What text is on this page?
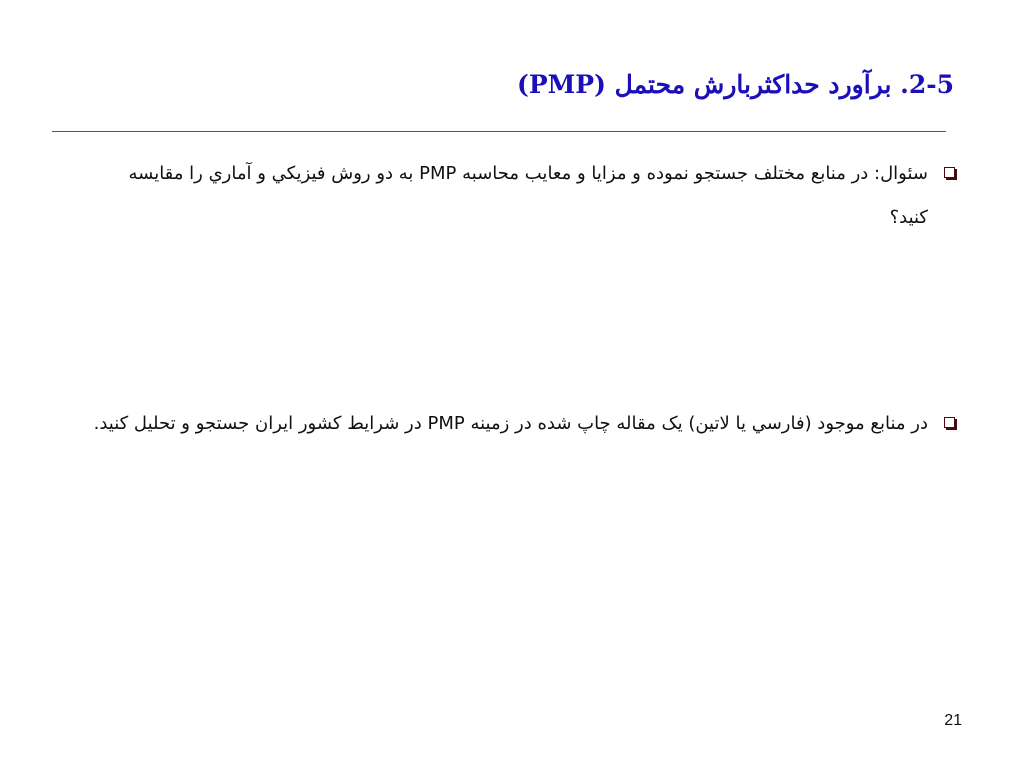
2-5. برآورد حداکثربارش محتمل (PMP)
سئوال: در منابع مختلف جستجو نموده و مزايا و معايب محاسبه PMP به دو روش فيزيکي و آماري را مقايسه کنيد؟
در منابع موجود (فارسي يا لاتين) يک مقاله چاپ شده در زمينه PMP در شرايط کشور ايران جستجو و تحليل کنيد.
21
